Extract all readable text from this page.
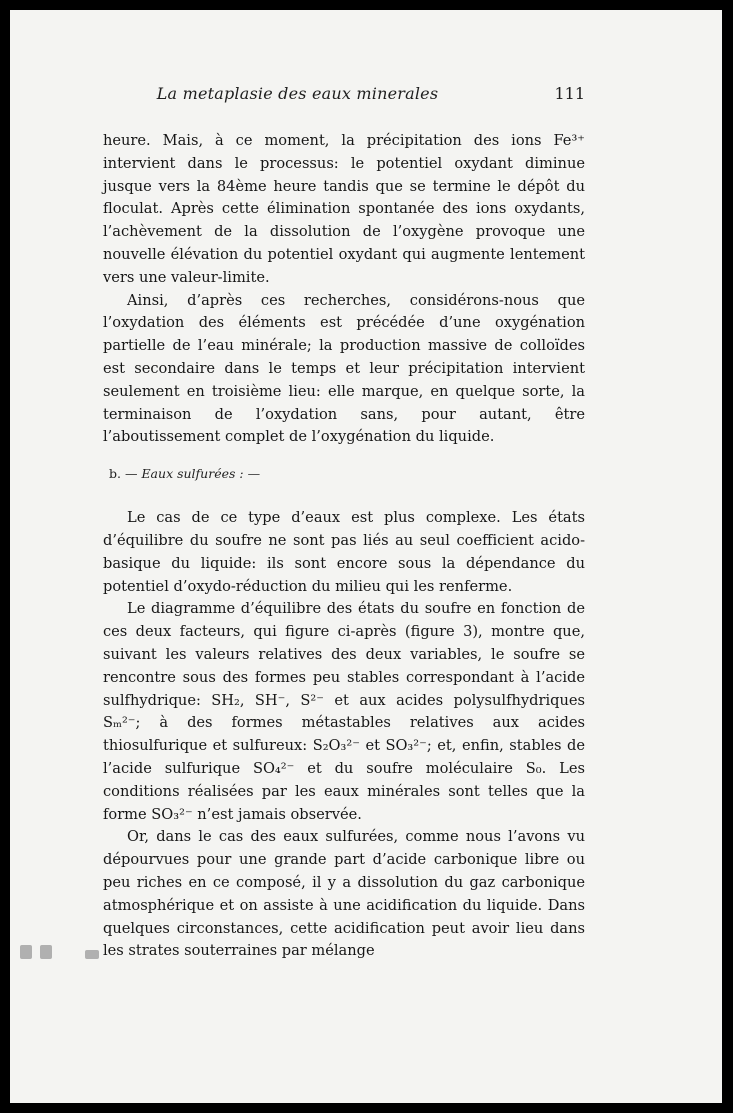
La metaplasie des eaux minerales	111

heure. Mais, à ce moment, la précipitation des ions Fe³⁺ intervient dans le processus: le potentiel oxydant diminue jusque vers la 84ème heure tandis que se termine le dépôt du floculat. Après cette élimination spontanée des ions oxydants, l’achèvement de la dissolution de l’oxygène provoque une nouvelle élévation du potentiel oxydant qui augmente lentement vers une valeur-limite.

Ainsi, d’après ces recherches, considérons-nous que l’oxydation des éléments est précédée d’une oxygénation partielle de l’eau minérale; la production massive de colloïdes est secondaire dans le temps et leur précipitation intervient seulement en troisième lieu: elle marque, en quelque sorte, la terminaison de l’oxydation sans, pour autant, être l’aboutissement complet de l’oxygénation du liquide.

b. — Eaux sulfurées : —

Le cas de ce type d’eaux est plus complexe. Les états d’équilibre du soufre ne sont pas liés au seul coefficient acido-basique du liquide: ils sont encore sous la dépendance du potentiel d’oxydo-réduction du milieu qui les renferme.

Le diagramme d’équilibre des états du soufre en fonction de ces deux facteurs, qui figure ci-après (figure 3), montre que, suivant les valeurs relatives des deux variables, le soufre se rencontre sous des formes peu stables correspondant à l’acide sulfhydrique: SH₂, SH⁻, S²⁻ et aux acides polysulfhydriques Sₘ²⁻; à des formes métastables relatives aux acides thiosulfurique et sulfureux: S₂O₃²⁻ et SO₃²⁻; et, enfin, stables de l’acide sulfurique SO₄²⁻ et du soufre moléculaire S₀. Les conditions réalisées par les eaux minérales sont telles que la forme SO₃²⁻ n’est jamais observée.

Or, dans le cas des eaux sulfurées, comme nous l’avons vu dépourvues pour une grande part d’acide carbonique libre ou peu riches en ce composé, il y a dissolution du gaz carbonique atmosphérique et on assiste à une acidification du liquide. Dans quelques circonstances, cette acidification peut avoir lieu dans les strates souterraines par mélange
